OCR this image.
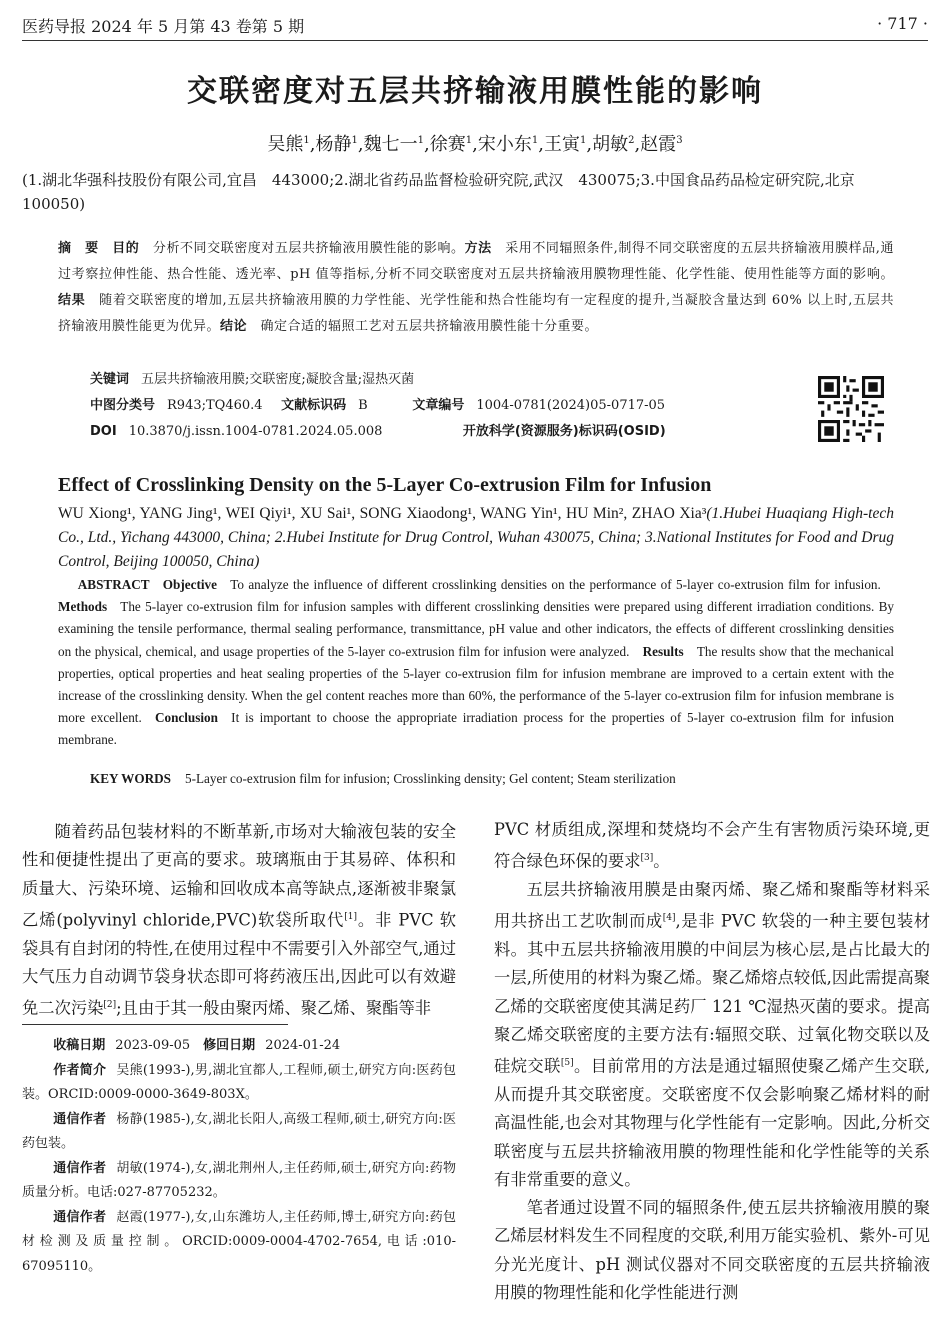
医药导报 2024 年 5 月第 43 卷第 5 期	· 717 ·
交联密度对五层共挤输液用膜性能的影响
吴熊$^1$,杨静$^1$,魏七一$^1$,徐赛$^1$,宋小东$^1$,王寅$^1$,胡敏$^2$,赵霞$^3$
(1.湖北华强科技股份有限公司,宜昌　443000;2.湖北省药品监督检验研究院,武汉　430075;3.中国食品药品检定研究院,北京　100050)
摘　要　 目的　 分析不同交联密度对五层共挤输液用膜性能的影响。方法　 采用不同辐照条件,制得不同交联密度的五层共挤输液用膜样品,通过考察拉伸性能、热合性能、透光率、pH 值等指标,分析不同交联密度对五层共挤输液用膜物理性能、化学性能、使用性能等方面的影响。结果　 随着交联密度的增加,五层共挤输液用膜的力学性能、光学性能和热合性能均有一定程度的提升,当凝胶含量达到 60% 以上时,五层共挤输液用膜性能更为优异。结论　 确定合适的辐照工艺对五层共挤输液用膜性能十分重要。
关键词 五层共挤输液用膜;交联密度;凝胶含量;湿热灭菌
中图分类号 R943;TQ460.4 文献标识码 B	文章编号 1004-0781(2024)05-0717-05
DOI 10.3870/j.issn.1004-0781.2024.05.008	开放科学(资源服务)标识码(OSID)
Effect of Crosslinking Density on the 5-Layer Co-extrusion Film for Infusion
WU Xiong¹, YANG Jing¹, WEI Qiyi¹, XU Sai¹, SONG Xiaodong¹, WANG Yin¹, HU Min², ZHAO Xia³(1.Hubei Huaqiang High-tech Co., Ltd., Yichang 443000, China; 2.Hubei Institute for Drug Control, Wuhan 430075, China; 3.National Institutes for Food and Drug Control, Beijing 100050, China)
  ABSTRACT   Objective   To analyze the influence of different crosslinking densities on the performance of 5-layer co-extrusion film for infusion.  Methods   The 5-layer co-extrusion film for infusion samples with different crosslinking densities were prepared using different irradiation conditions. By examining the tensile performance, thermal sealing performance, transmittance, pH value and other indicators, the effects of different crosslinking densities on the physical, chemical, and usage properties of the 5-layer co-extrusion film for infusion were analyzed.   Results   The results show that the mechanical properties, optical properties and heat sealing properties of the 5-layer co-extrusion film for infusion membrane are improved to a certain extent with the increase of the crosslinking density. When the gel content reaches more than 60%, the performance of the 5-layer co-extrusion film for infusion membrane is more excellent.   Conclusion   It is important to choose the appropriate irradiation process for the properties of 5-layer co-extrusion film for infusion membrane.
KEY WORDS 5-Layer co-extrusion film for infusion; Crosslinking density; Gel content; Steam sterilization

随着药品包装材料的不断革新,市场对大输液包装的安全性和便捷性提出了更高的要求。玻璃瓶由于其易碎、体积和质量大、污染环境、运输和回收成本高等缺点,逐渐被非聚氯乙烯(polyvinyl chloride,PVC)软袋所取代[1]。非 PVC 软袋具有自封闭的特性,在使用过程中不需要引入外部空气,通过大气压力自动调节袋身状态即可将药液压出,因此可以有效避免二次污染[2];且由于其一般由聚丙烯、聚乙烯、聚酯等非

收稿日期 2023-09-05　修回日期 2024-01-24
作者简介 吴熊(1993-),男,湖北宜都人,工程师,硕士,研究方向:医药包装。ORCID:0009-0000-3649-803X。
通信作者 杨静(1985-),女,湖北长阳人,高级工程师,硕士,研究方向:医药包装。
通信作者 胡敏(1974-),女,湖北荆州人,主任药师,硕士,研究方向:药物质量分析。电话:027-87705232。
通信作者 赵霞(1977-),女,山东潍坊人,主任药师,博士,研究方向:药包材检测及质量控制。ORCID:0009-0004-4702-7654,电话:010-67095110。

PVC 材质组成,深埋和焚烧均不会产生有害物质污染环境,更符合绿色环保的要求[3]。

五层共挤输液用膜是由聚丙烯、聚乙烯和聚酯等材料采用共挤出工艺吹制而成[4],是非 PVC 软袋的一种主要包装材料。其中五层共挤输液用膜的中间层为核心层,是占比最大的一层,所使用的材料为聚乙烯。聚乙烯熔点较低,因此需提高聚乙烯的交联密度使其满足药厂 121 ℃湿热灭菌的要求。提高聚乙烯交联密度的主要方法有:辐照交联、过氧化物交联以及硅烷交联[5]。目前常用的方法是通过辐照使聚乙烯产生交联,从而提升其交联密度。交联密度不仅会影响聚乙烯材料的耐高温性能,也会对其物理与化学性能有一定影响。因此,分析交联密度与五层共挤输液用膜的物理性能和化学性能等的关系有非常重要的意义。

笔者通过设置不同的辐照条件,使五层共挤输液用膜的聚乙烯层材料发生不同程度的交联,利用万能实验机、紫外-可见分光光度计、pH 测试仪器对不同交联密度的五层共挤输液用膜的物理性能和化学性能进行测
